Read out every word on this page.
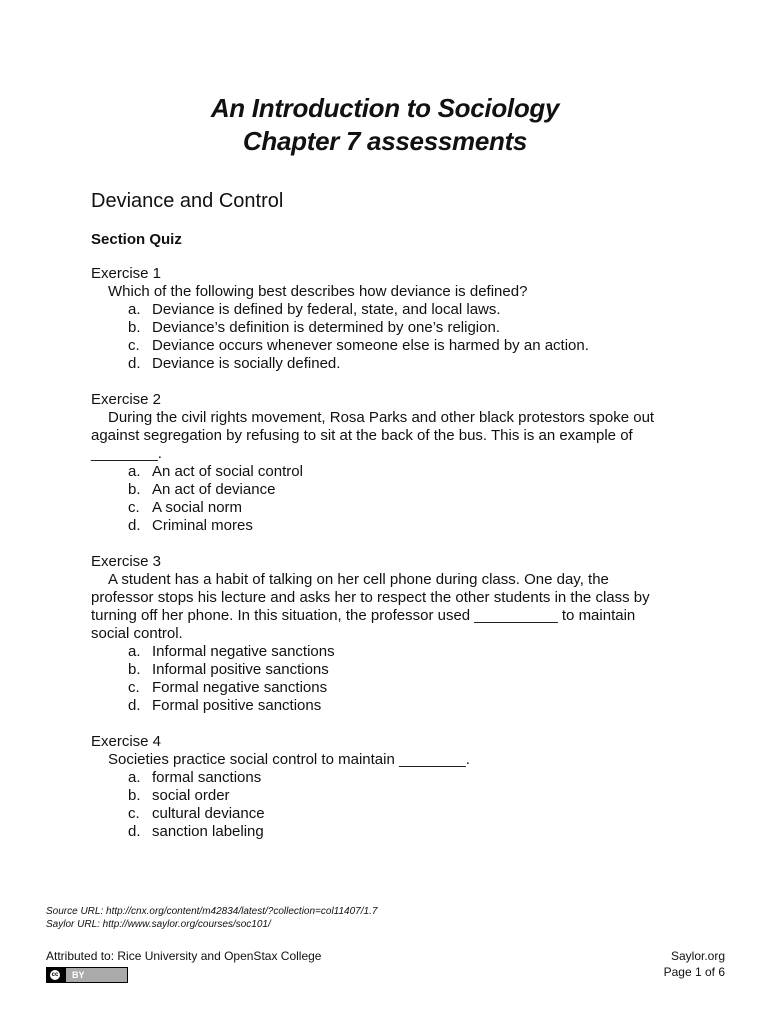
An Introduction to Sociology
Chapter 7 assessments
Deviance and Control
Section Quiz

Exercise 1

Which of the following best describes how deviance is defined?

a. Deviance is defined by federal, state, and local laws.
b. Deviance’s definition is determined by one’s religion.
c. Deviance occurs whenever someone else is harmed by an action.
d. Deviance is socially defined.

Exercise 2

During the civil rights movement, Rosa Parks and other black protestors spoke out against segregation by refusing to sit at the back of the bus. This is an example of ________.

a. An act of social control
b. An act of deviance
c. A social norm
d. Criminal mores

Exercise 3

A student has a habit of talking on her cell phone during class. One day, the professor stops his lecture and asks her to respect the other students in the class by turning off her phone. In this situation, the professor used __________ to maintain social control.

a. Informal negative sanctions
b. Informal positive sanctions
c. Formal negative sanctions
d. Formal positive sanctions

Exercise 4

Societies practice social control to maintain ________.

a. formal sanctions
b. social order
c. cultural deviance
d. sanction labeling
Source URL: http://cnx.org/content/m42834/latest/?collection=col11407/1.7
Saylor URL: http://www.saylor.org/courses/soc101/
Attributed to: Rice University and OpenStax College
cc	BY
Saylor.org
Page 1 of 6
